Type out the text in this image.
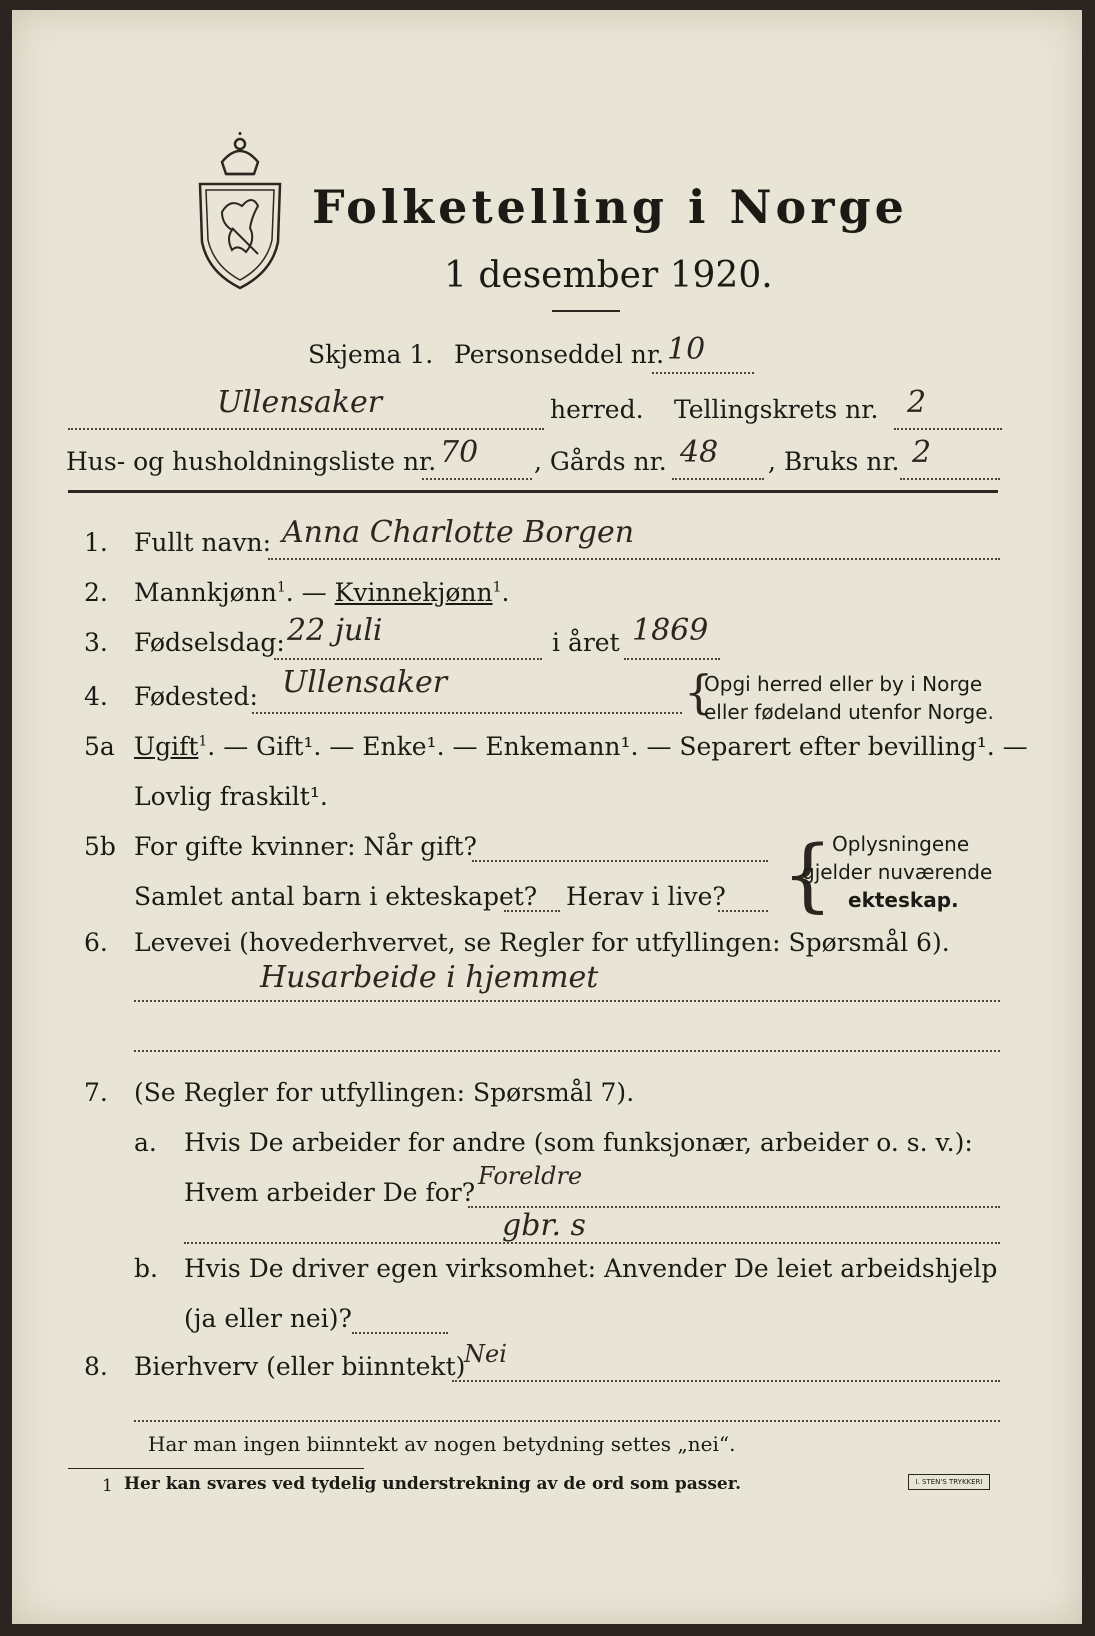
Folketelling i Norge
1 desember 1920.
Skjema 1. Personseddel nr. 10
Ullensaker	herred. Tellingskrets nr. 2
Hus- og husholdningsliste nr. 70 , Gårds nr. 48 , Bruks nr. 2
1. Fullt navn: Anna Charlotte Borgen
2. Mannkjønn$^1$. — Kvinnekjønn$^1$.
3. Fødselsdag: 22 juli	i året 1869
4. Fødested: Ullensaker	{
Opgi herred eller by i Norge
eller fødeland utenfor Norge.
5a Ugift$^1$. — Gift¹. — Enke¹. — Enkemann¹. — Separert efter bevilling¹. —
Lovlig fraskilt¹.
5b For gifte kvinner: Når gift?
Samlet antal barn i ekteskapet? Herav i live? { Oplysningene
gjelder nuværende
ekteskap.
6. Levevei (hovederhvervet, se Regler for utfyllingen: Spørsmål 6).
Husarbeide i hjemmet
7. (Se Regler for utfyllingen: Spørsmål 7).
a. Hvis De arbeider for andre (som funksjonær, arbeider o. s. v.):
Hvem arbeider De for?
Foreldre
gbr. s
b. Hvis De driver egen virksomhet: Anvender De leiet arbeidshjelp
(ja eller nei)?
8. Bierhverv (eller biinntekt)
Nei
Har man ingen biinntekt av nogen betydning settes „nei“.
1 Her kan svares ved tydelig understrekning av de ord som passer.	I. STEN'S TRYKKERI
